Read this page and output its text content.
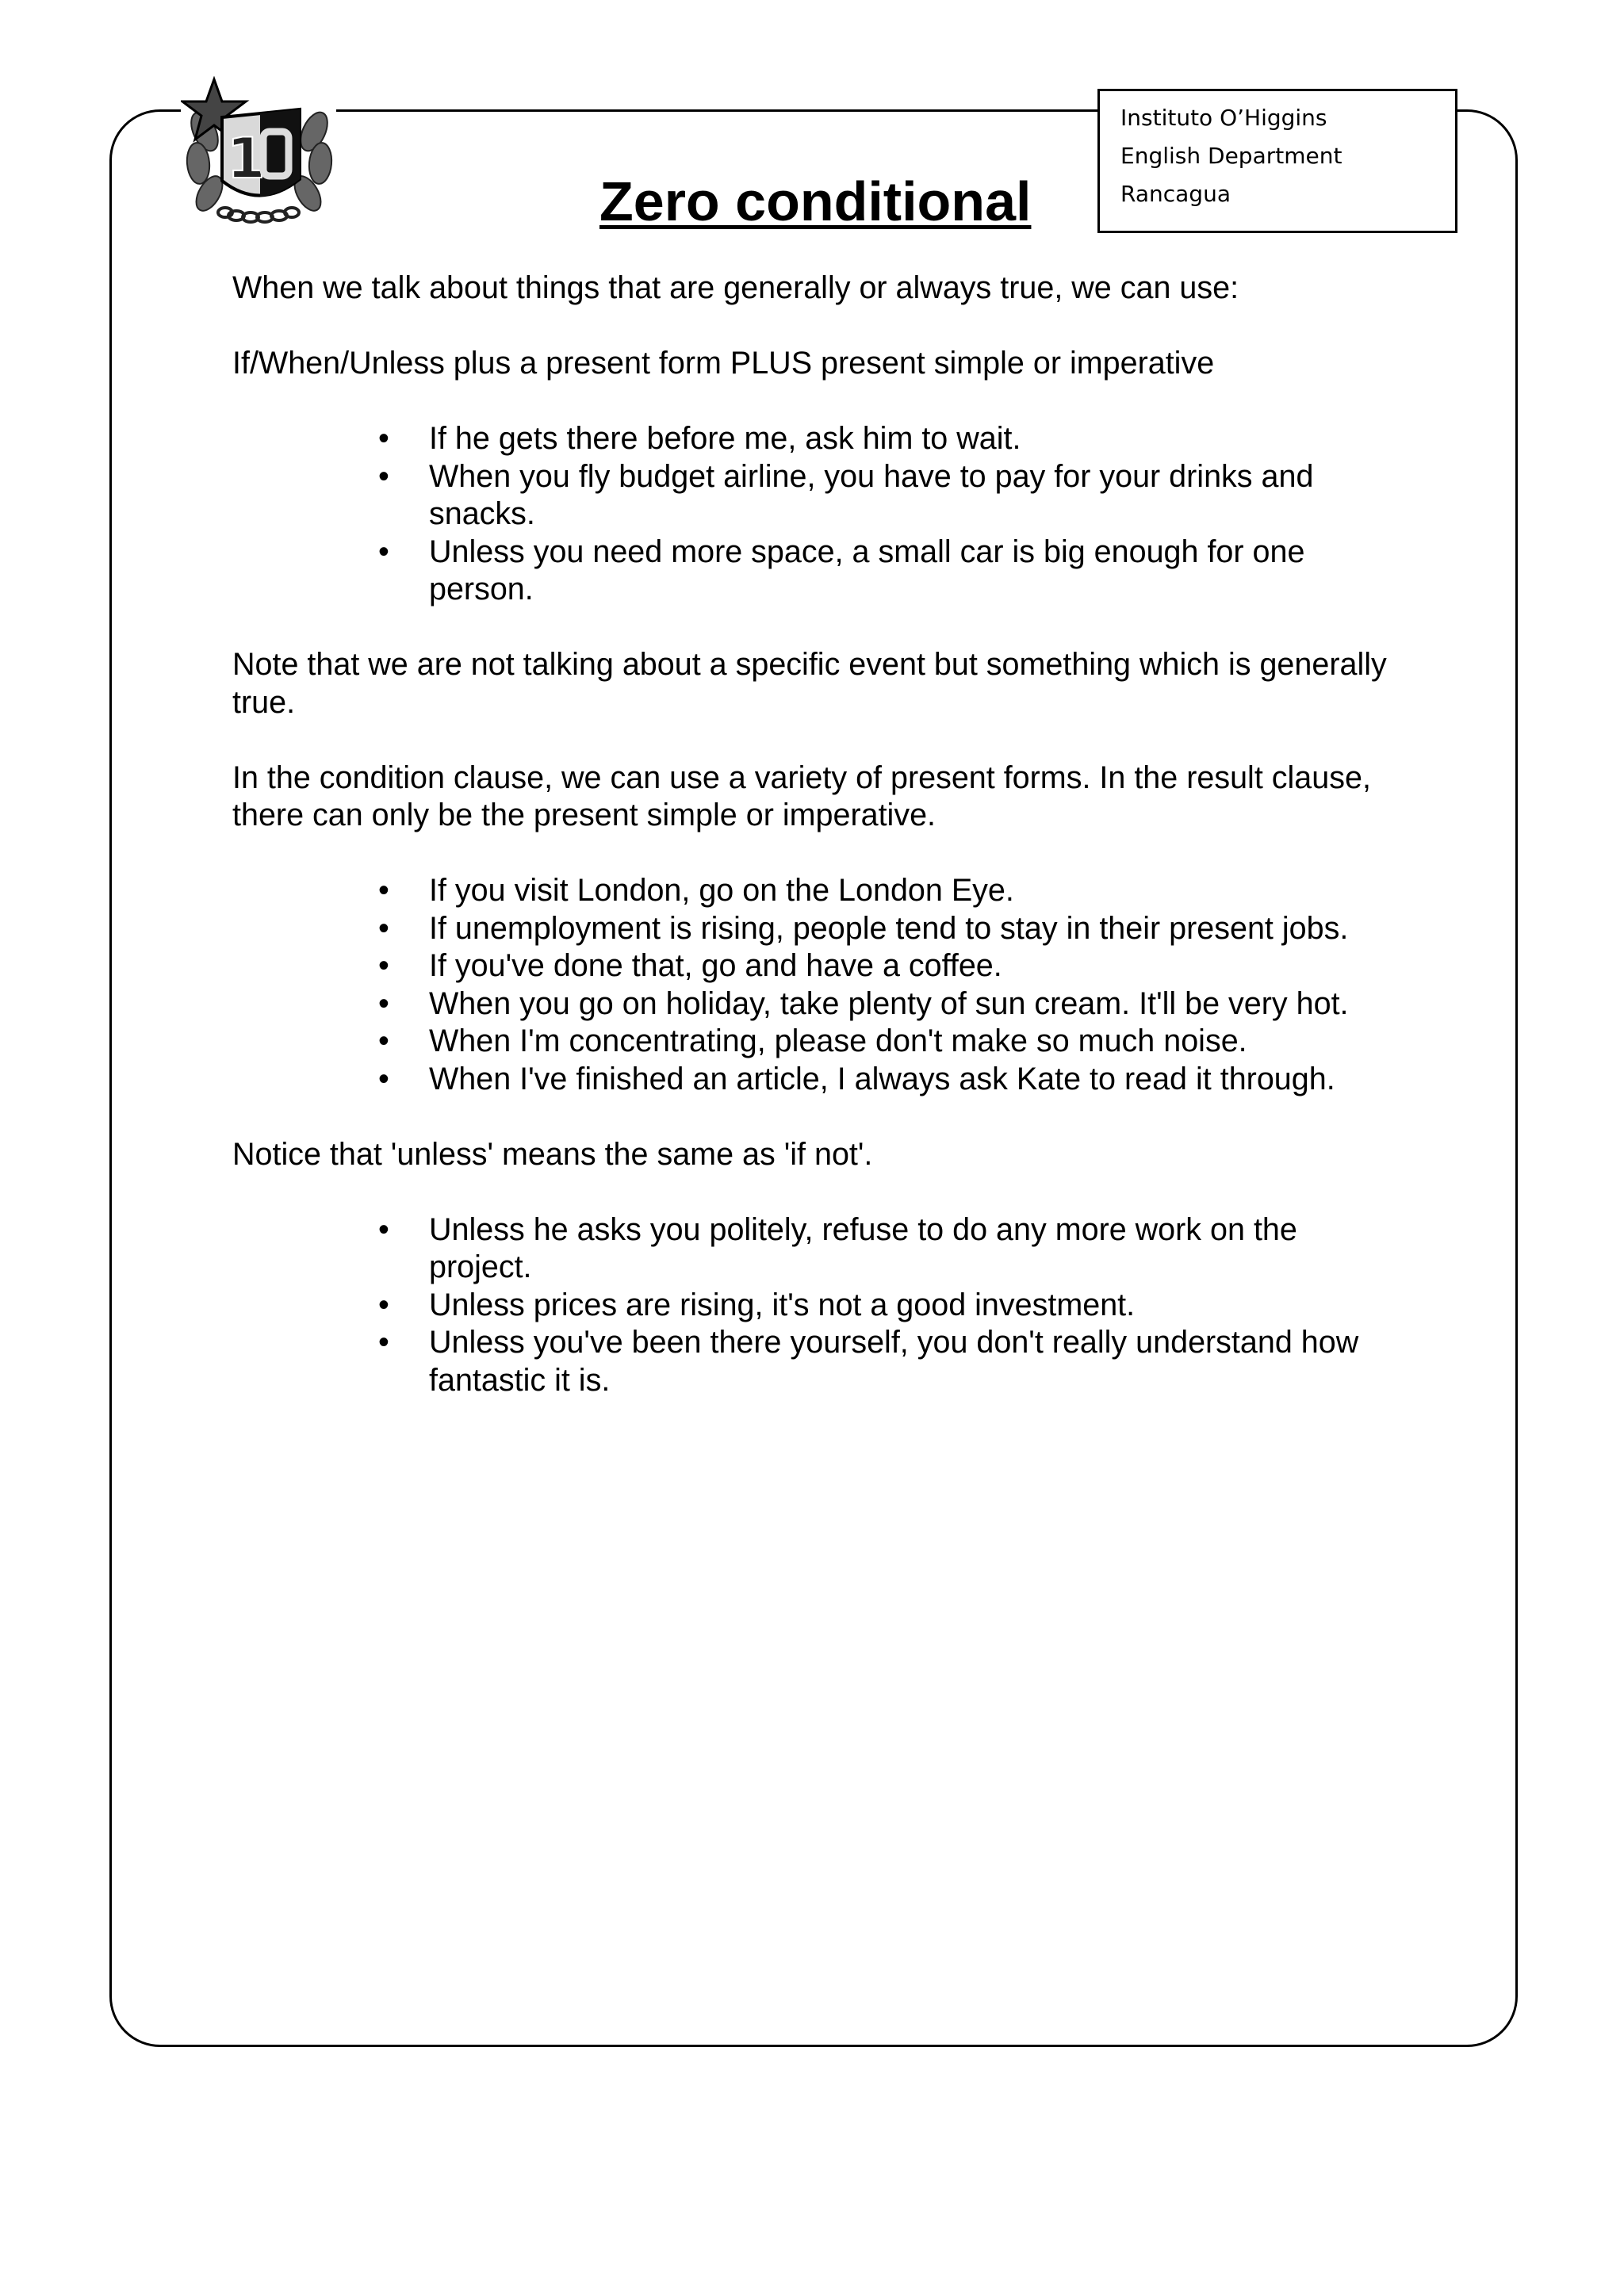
1
Instituto O’Higgins
English Department
Rancagua
Zero conditional

When we talk about things that are generally or always true, we can use:

If/When/Unless plus a present form PLUS present simple or imperative

• If he gets there before me, ask him to wait.
• When you fly budget airline, you have to pay for your drinks and snacks.
• Unless you need more space, a small car is big enough for one person.

Note that we are not talking about a specific event but something which is generally true.

In the condition clause, we can use a variety of present forms. In the result clause, there can only be the present simple or imperative.

• If you visit London, go on the London Eye.
• If unemployment is rising, people tend to stay in their present jobs.
• If you've done that, go and have a coffee.
• When you go on holiday, take plenty of sun cream. It'll be very hot.
• When I'm concentrating, please don't make so much noise.
• When I've finished an article, I always ask Kate to read it through.

Notice that 'unless' means the same as 'if not'.

• Unless he asks you politely, refuse to do any more work on the project.
• Unless prices are rising, it's not a good investment.
• Unless you've been there yourself, you don't really understand how fantastic it is.
